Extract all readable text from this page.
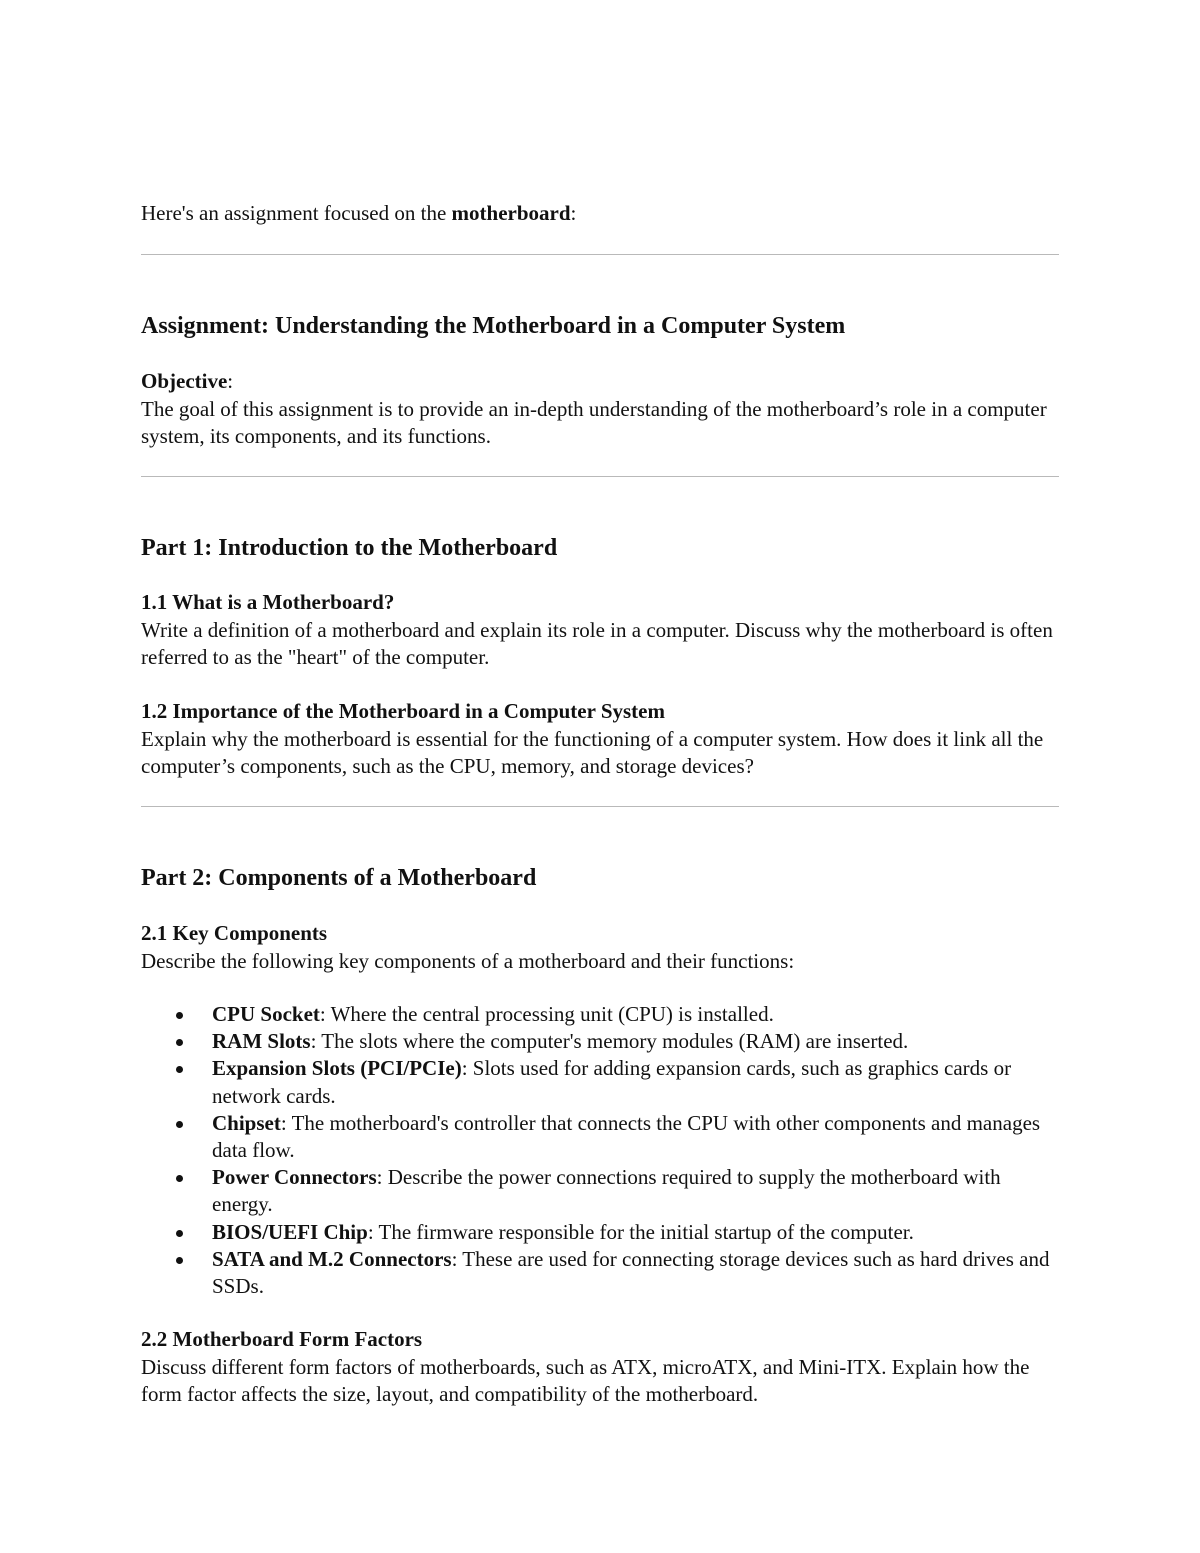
Here's an assignment focused on the motherboard:

Assignment: Understanding the Motherboard in a Computer System
Objective:
The goal of this assignment is to provide an in-depth understanding of the motherboard’s role in a computer system, its components, and its functions.
Part 1: Introduction to the Motherboard
1.1 What is a Motherboard?
Write a definition of a motherboard and explain its role in a computer. Discuss why the motherboard is often referred to as the "heart" of the computer.
1.2 Importance of the Motherboard in a Computer System
Explain why the motherboard is essential for the functioning of a computer system. How does it link all the computer’s components, such as the CPU, memory, and storage devices?
Part 2: Components of a Motherboard
2.1 Key Components
Describe the following key components of a motherboard and their functions:
CPU Socket: Where the central processing unit (CPU) is installed.
RAM Slots: The slots where the computer's memory modules (RAM) are inserted.
Expansion Slots (PCI/PCIe): Slots used for adding expansion cards, such as graphics cards or network cards.
Chipset: The motherboard's controller that connects the CPU with other components and manages data flow.
Power Connectors: Describe the power connections required to supply the motherboard with energy.
BIOS/UEFI Chip: The firmware responsible for the initial startup of the computer.
SATA and M.2 Connectors: These are used for connecting storage devices such as hard drives and SSDs.
2.2 Motherboard Form Factors
Discuss different form factors of motherboards, such as ATX, microATX, and Mini-ITX. Explain how the form factor affects the size, layout, and compatibility of the motherboard.
